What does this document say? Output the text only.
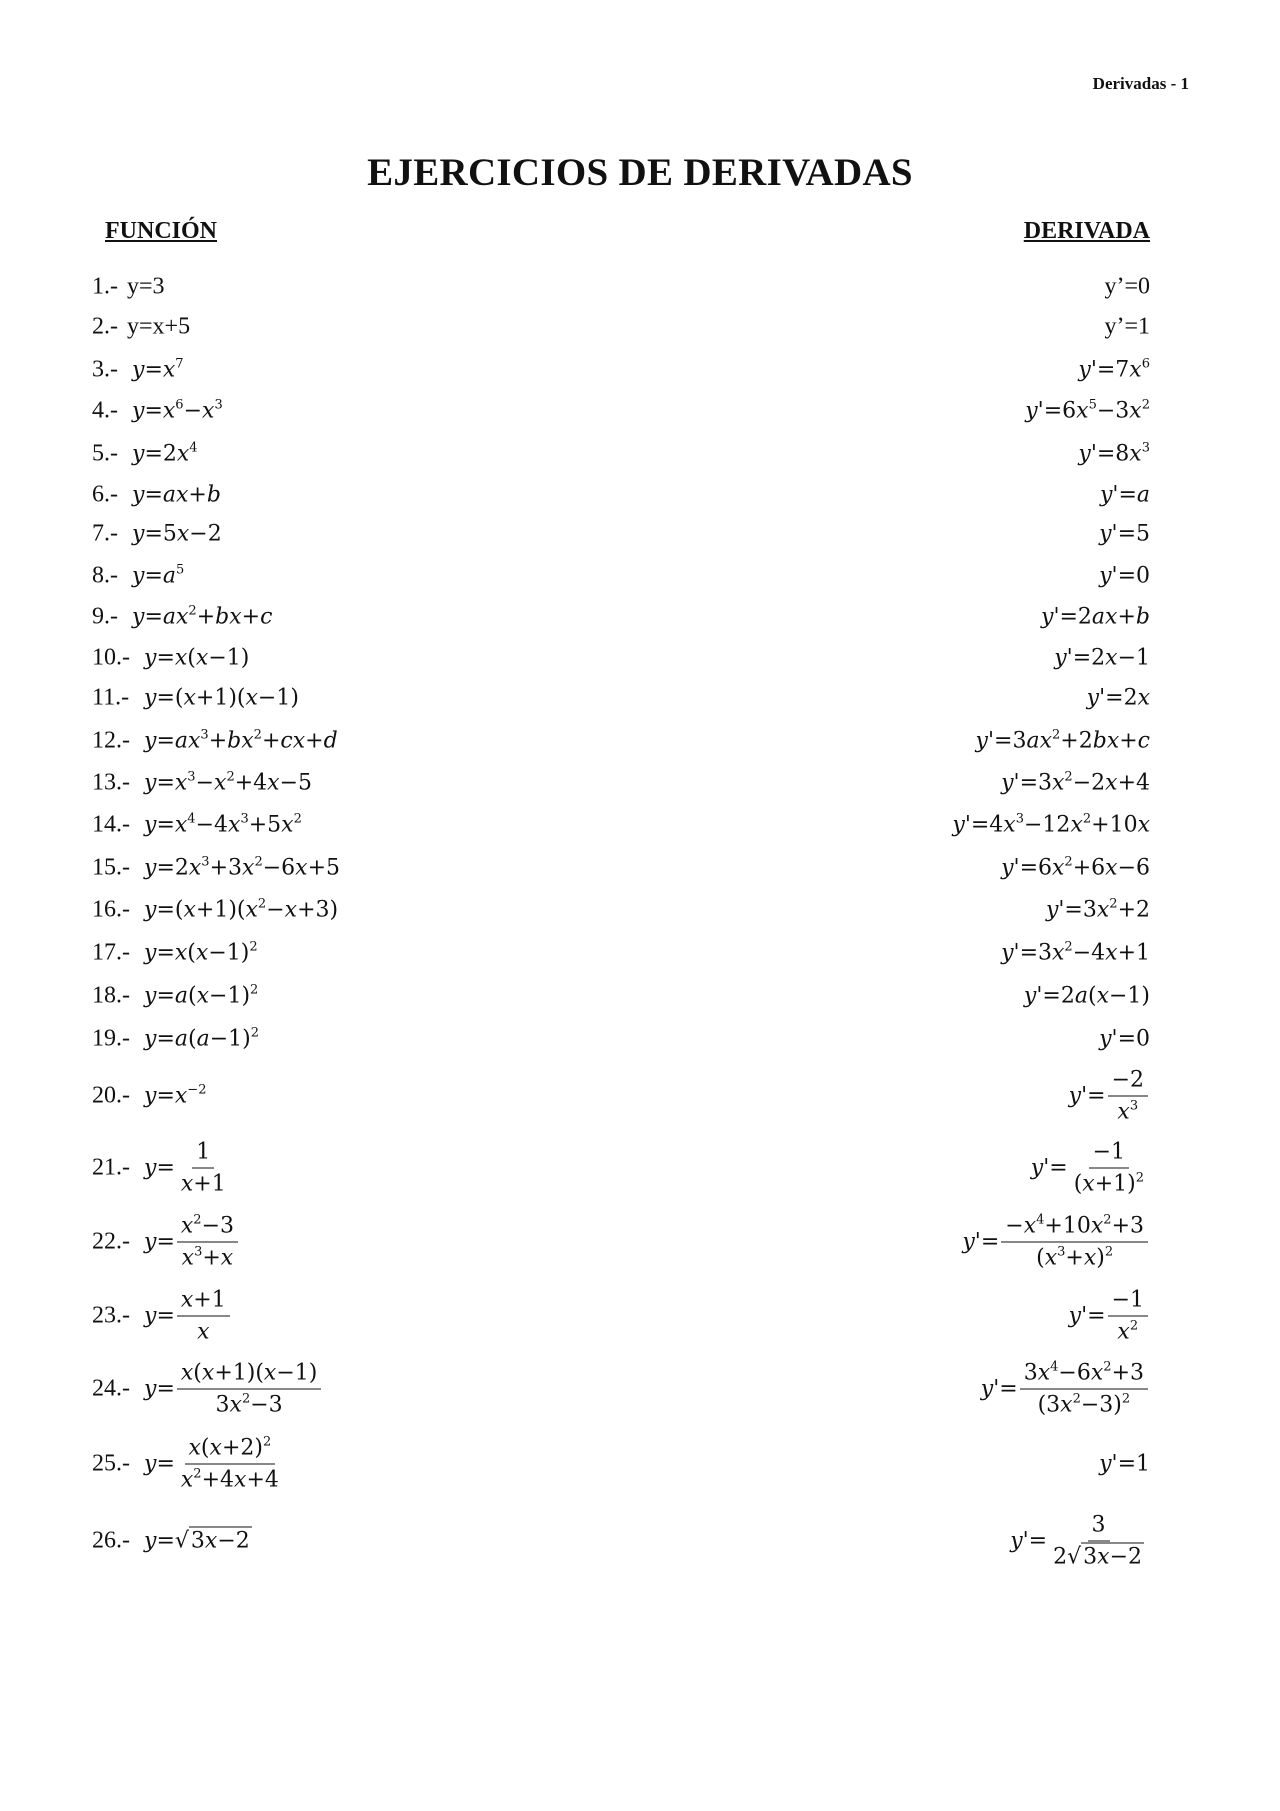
Derivadas - 1
EJERCICIOS DE DERIVADAS
FUNCIÓN	DERIVADA
1.- y=3	y’=0
2.- y=x+5	y’=1
3.- $y=x^7$	$y'=7x^6$
4.- $y=x^6-x^3$	$y'=6x^5-3x^2$
5.- $y=2x^4$	$y'=8x^3$
6.- y=ax+b	y'=a
7.- y=5x−2	y'=5
8.- $y=a^5$	y'=0
9.- $y=ax^2+bx+c$	y'=2ax+b
10.- y=x(x−1)	y'=2x−1
11.- y=(x+1)(x−1)	y'=2x
12.- $y=ax^3+bx^2+cx+d$	$y'=3ax^2+2bx+c$
13.- $y=x^3-x^2+4x-5$	$y'=3x^2-2x+4$
14.- $y=x^4-4x^3+5x^2$	$y'=4x^3-12x^2+10x$
15.- $y=2x^3+3x^2-6x+5$	$y'=6x^2+6x-6$
16.- $y=(x+1)(x^2-x+3)$	$y'=3x^2+2$
17.- $y=x(x-1)^2$	$y'=3x^2-4x+1$
18.- $y=a(x-1)^2$	y'=2a(x−1)
19.- $y=a(a-1)^2$	y'=0
20.- $y=x^{-2}$	$y'= \frac{-2}{x^3}$
21.- $y= \frac{1}{x+1}$	$y'= \frac{-1}{(x+1)^2}$
22.- $y= \frac{x^2-3}{x^3+x}$	$y'= \frac{-x^4+10x^2+3}{(x^3+x)^2}$
23.- $y= \frac{x+1}{x}$	$y'= \frac{-1}{x^2}$
24.- $y= \frac{x(x+1)(x-1)}{3x^2-3}$	$y'= \frac{3x^4-6x^2+3}{(3x^2-3)^2}$
25.- $y= \frac{x(x+2)^2}{x^2+4x+4}$	y'=1
26.- y=√3x−2	$y'= \frac{3}{2√3x-2}$
